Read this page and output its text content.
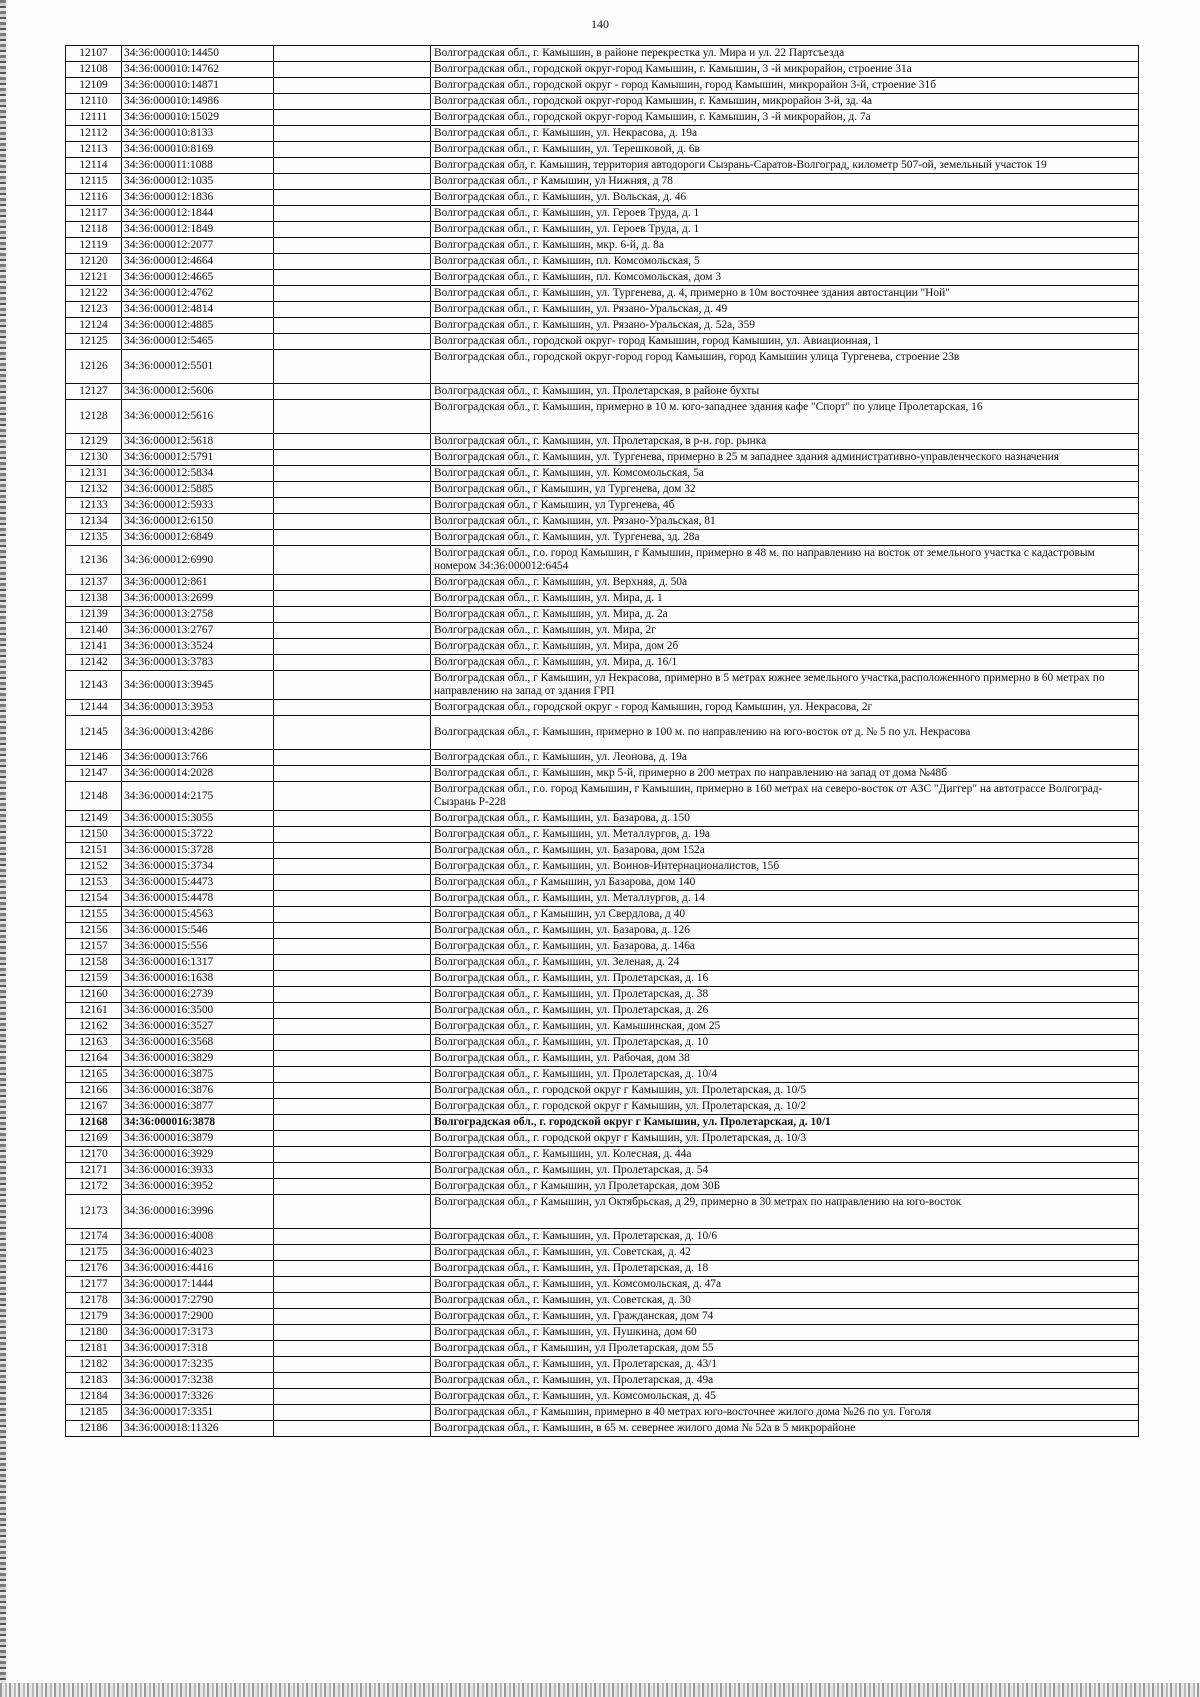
140
12107	34:36:000010:14450		Волгоградская обл., г. Камышин, в районе перекрестка ул. Мира и ул. 22 Партсъезда
12108	34:36:000010:14762		Волгоградская обл., городской округ-город Камышин, г. Камышин, 3 -й микрорайон, строение 31а
12109	34:36:000010:14871		Волгоградская обл., городской округ - город Камышин, город Камышин, микрорайон 3-й, строение 31б
12110	34:36:000010:14986		Волгоградская обл., городской округ-город Камышин, г. Камышин, микрорайон 3-й, зд. 4а
12111	34:36:000010:15029		Волгоградская обл., городской округ-город Камышин, г. Камышин, 3 -й микрорайон, д. 7а
12112	34:36:000010:8133		Волгоградская обл., г. Камышин, ул. Некрасова, д. 19а
12113	34:36:000010:8169		Волгоградская обл., г. Камышин, ул. Терешковой, д. 6в
12114	34:36:000011:1088		Волгоградская обл, г. Камышин, территория автодороги Сызрань-Саратов-Волгоград, километр 507-ой, земельный участок 19
12115	34:36:000012:1035		Волгоградская обл., г Камышин, ул Нижняя, д 78
12116	34:36:000012:1836		Волгоградская обл., г. Камышин, ул. Вольская, д. 46
12117	34:36:000012:1844		Волгоградская обл., г. Камышин, ул. Героев Труда, д. 1
12118	34:36:000012:1849		Волгоградская обл., г. Камышин, ул. Героев Труда, д. 1
12119	34:36:000012:2077		Волгоградская обл., г. Камышин, мкр. 6-й, д. 8а
12120	34:36:000012:4664		Волгоградская обл., г. Камышин, пл. Комсомольская, 5
12121	34:36:000012:4665		Волгоградская обл., г. Камышин, пл. Комсомольская, дом 3
12122	34:36:000012:4762		Волгоградская обл., г. Камышин, ул. Тургенева, д. 4, примерно в 10м восточнее здания автостанции "Ной"
12123	34:36:000012:4814		Волгоградская обл., г. Камышин, ул. Рязано-Уральская, д. 49
12124	34:36:000012:4885		Волгоградская обл., г. Камышин, ул. Рязано-Уральская, д. 52а, 359
12125	34:36:000012:5465		Волгоградская обл., городской округ- город Камышин, город Камышин, ул. Авиационная, 1
12126	34:36:000012:5501		Волгоградская обл., городской округ-город город Камышин, город Камышин улица Тургенева, строение 23в
12127	34:36:000012:5606		Волгоградская обл., г. Камышин, ул. Пролетарская, в районе бухты
12128	34:36:000012:5616		Волгоградская обл., г. Камышин, примерно в 10 м. юго-западнее здания кафе "Спорт" по улице Пролетарская, 16
12129	34:36:000012:5618		Волгоградская обл., г. Камышин, ул. Пролетарская, в р-н. гор. рынка
12130	34:36:000012:5791		Волгоградская обл., г. Камышин, ул. Тургенева, примерно в 25 м западнее здания административно-управленческого назначения
12131	34:36:000012:5834		Волгоградская обл., г. Камышин, ул. Комсомольская, 5а
12132	34:36:000012:5885		Волгоградская обл., г Камышин, ул Тургенева, дом 32
12133	34:36:000012:5933		Волгоградская обл., г Камышин, ул Тургенева, 4б
12134	34:36:000012:6150		Волгоградская обл., г. Камышин, ул. Рязано-Уральская, 81
12135	34:36:000012:6849		Волгоградская обл., г. Камышин, ул. Тургенева, зд. 28а
12136	34:36:000012:6990		Волгоградская обл., г.о. город Камышин, г Камышин, примерно в 48 м. по направлению на восток от земельного участка с кадастровым номером 34:36:000012:6454
12137	34:36:000012:861		Волгоградская обл., г. Камышин, ул. Верхняя, д. 50а
12138	34:36:000013:2699		Волгоградская обл., г. Камышин, ул. Мира, д. 1
12139	34:36:000013:2758		Волгоградская обл., г. Камышин, ул. Мира, д. 2а
12140	34:36:000013:2767		Волгоградская обл., г. Камышин, ул. Мира, 2г
12141	34:36:000013:3524		Волгоградская обл., г. Камышин, ул. Мира, дом 2б
12142	34:36:000013:3783		Волгоградская обл., г. Камышин, ул. Мира, д. 16/1
12143	34:36:000013:3945		Волгоградская обл., г Камышин, ул Некрасова, примерно в 5 метрах южнее земельного участка,расположенного примерно в 60 метрах по направлению на запад от здания ГРП
12144	34:36:000013:3953		Волгоградская обл., городской округ - город Камышин, город Камышин, ул. Некрасова, 2г
12145	34:36:000013:4286		Волгоградская обл., г. Камышин, примерно в 100 м. по направлению на юго-восток от д. № 5 по ул. Некрасова
12146	34:36:000013:766		Волгоградская обл., г. Камышин, ул. Леонова, д. 19а
12147	34:36:000014:2028		Волгоградская обл., г. Камышин, мкр 5-й, примерно в 200 метрах по направлению на запад от дома №48б
12148	34:36:000014:2175		Волгоградская обл., г.о. город Камышин, г Камышин, примерно в 160 метрах на северо-восток от АЗС "Диггер" на автотрассе Волгоград-Сызрань Р-228
12149	34:36:000015:3055		Волгоградская обл., г. Камышин, ул. Базарова, д. 150
12150	34:36:000015:3722		Волгоградская обл., г. Камышин, ул. Металлургов, д. 19а
12151	34:36:000015:3728		Волгоградская обл., г. Камышин, ул. Базарова, дом 152а
12152	34:36:000015:3734		Волгоградская обл., г. Камышин, ул. Воинов-Интернационалистов, 15б
12153	34:36:000015:4473		Волгоградская обл., г Камышин, ул Базарова, дом 140
12154	34:36:000015:4478		Волгоградская обл., г. Камышин, ул. Металлургов, д. 14
12155	34:36:000015:4563		Волгоградская обл., г Камышин, ул Свердлова, д 40
12156	34:36:000015:546		Волгоградская обл., г. Камышин, ул. Базарова, д. 126
12157	34:36:000015:556		Волгоградская обл., г. Камышин, ул. Базарова, д. 146а
12158	34:36:000016:1317		Волгоградская обл., г. Камышин, ул. Зеленая, д. 24
12159	34:36:000016:1638		Волгоградская обл., г. Камышин, ул. Пролетарская, д. 16
12160	34:36:000016:2739		Волгоградская обл., г. Камышин, ул. Пролетарская, д. 38
12161	34:36:000016:3500		Волгоградская обл., г. Камышин, ул. Пролетарская, д. 26
12162	34:36:000016:3527		Волгоградская обл., г. Камышин, ул. Камышинская, дом 25
12163	34:36:000016:3568		Волгоградская обл., г. Камышин, ул. Пролетарская, д. 10
12164	34:36:000016:3829		Волгоградская обл., г. Камышин, ул. Рабочая, дом 38
12165	34:36:000016:3875		Волгоградская обл., г. Камышин, ул. Пролетарская, д. 10/4
12166	34:36:000016:3876		Волгоградская обл., г. городской округ г Камышин, ул. Пролетарская, д. 10/5
12167	34:36:000016:3877		Волгоградская обл., г. городской округ г Камышин, ул. Пролетарская, д. 10/2
12168	34:36:000016:3878		Волгоградская обл., г. городской округ г Камышин, ул. Пролетарская, д. 10/1
12169	34:36:000016:3879		Волгоградская обл., г. городской округ г Камышин, ул. Пролетарская, д. 10/3
12170	34:36:000016:3929		Волгоградская обл., г. Камышин, ул. Колесная, д. 44а
12171	34:36:000016:3933		Волгоградская обл., г. Камышин, ул. Пролетарская, д. 54
12172	34:36:000016:3952		Волгоградская обл., г Камышин, ул Пролетарская, дом 30Б
12173	34:36:000016:3996		Волгоградская обл., г Камышин, ул Октябрьская, д 29, примерно в 30 метрах по направлению на юго-восток
12174	34:36:000016:4008		Волгоградская обл., г. Камышин, ул. Пролетарская, д. 10/6
12175	34:36:000016:4023		Волгоградская обл., г. Камышин, ул. Советская, д. 42
12176	34:36:000016:4416		Волгоградская обл., г. Камышин, ул. Пролетарская, д. 18
12177	34:36:000017:1444		Волгоградская обл., г. Камышин, ул. Комсомольская, д. 47а
12178	34:36:000017:2790		Волгоградская обл., г. Камышин, ул. Советская, д. 30
12179	34:36:000017:2900		Волгоградская обл., г. Камышин, ул. Гражданская, дом 74
12180	34:36:000017:3173		Волгоградская обл., г. Камышин, ул. Пушкина, дом 60
12181	34:36:000017:318		Волгоградская обл., г Камышин, ул Пролетарская, дом 55
12182	34:36:000017:3235		Волгоградская обл., г. Камышин, ул. Пролетарская, д. 43/1
12183	34:36:000017:3238		Волгоградская обл., г. Камышин, ул. Пролетарская, д. 49а
12184	34:36:000017:3326		Волгоградская обл., г. Камышин, ул. Комсомольская, д. 45
12185	34:36:000017:3351		Волгоградская обл., г Камышин, примерно в 40 метрах юго-восточнее жилого дома №26 по ул. Гоголя
12186	34:36:000018:11326		Волгоградская обл., г. Камышин, в 65 м. севернее жилого дома № 52а в 5 микрорайоне
